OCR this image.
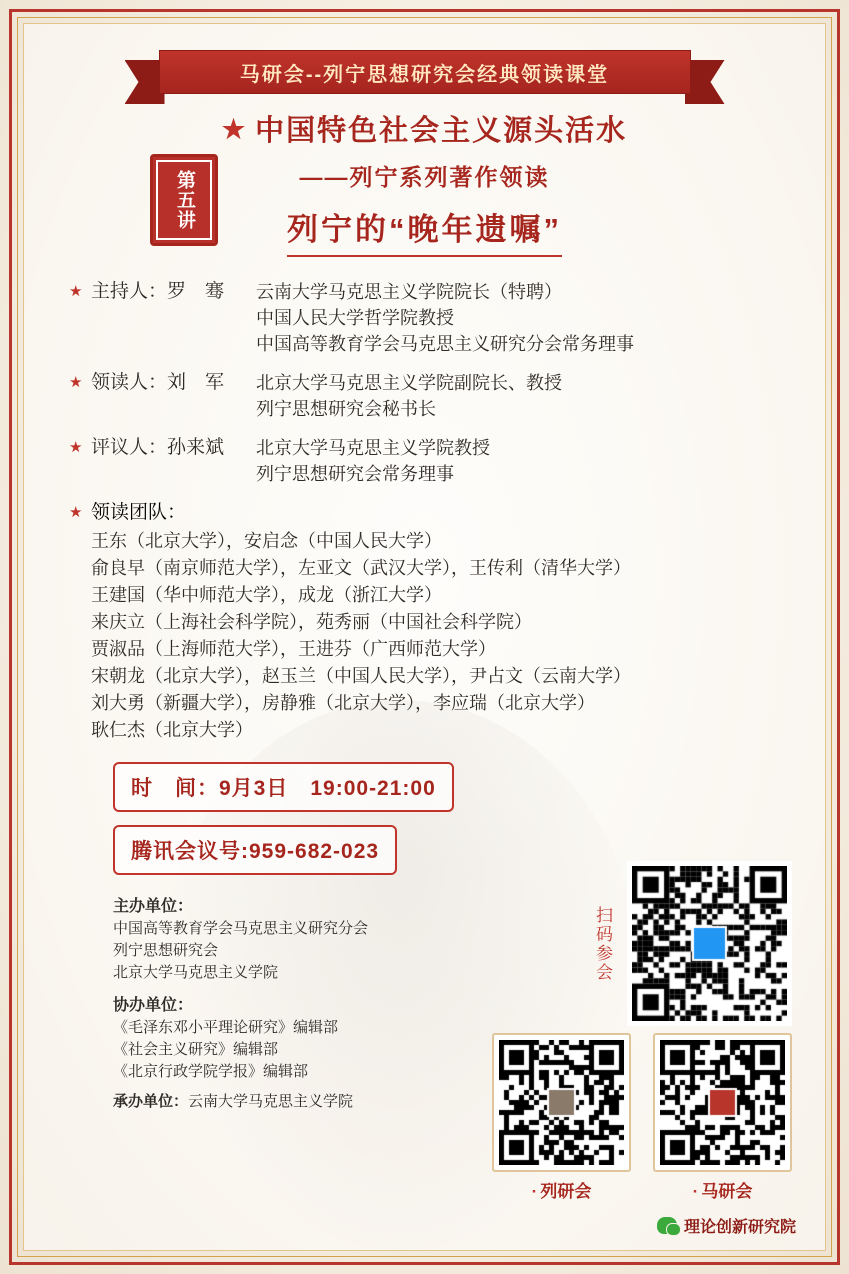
马研会--列宁思想研究会经典领读课堂
第五讲
★ 中国特色社会主义源头活水
——列宁系列著作领读
列宁的“晚年遗嘱”
★ 主持人：罗　骞	云南大学马克思主义学院院长（特聘）
中国人民大学哲学院教授
中国高等教育学会马克思主义研究分会常务理事
★ 领读人：刘　军	北京大学马克思主义学院副院长、教授
列宁思想研究会秘书长
★ 评议人：孙来斌	北京大学马克思主义学院教授
列宁思想研究会常务理事
★ 领读团队：
王东（北京大学），安启念（中国人民大学）
俞良早（南京师范大学），左亚文（武汉大学），王传利（清华大学）
王建国（华中师范大学），成龙（浙江大学）
来庆立（上海社会科学院），苑秀丽（中国社会科学院）
贾淑品（上海师范大学），王进芬（广西师范大学）
宋朝龙（北京大学），赵玉兰（中国人民大学），尹占文（云南大学）
刘大勇（新疆大学），房静雅（北京大学），李应瑞（北京大学）
耿仁杰（北京大学）
时　间：9月3日　19:00-21:00
腾讯会议号:959-682-023
主办单位：
中国高等教育学会马克思主义研究分会
列宁思想研究会
北京大学马克思主义学院
协办单位：
《毛泽东邓小平理论研究》编辑部
《社会主义研究》编辑部
《北京行政学院学报》编辑部
承办单位：云南大学马克思主义学院
扫码参会
· 列研会	· 马研会
理论创新研究院
